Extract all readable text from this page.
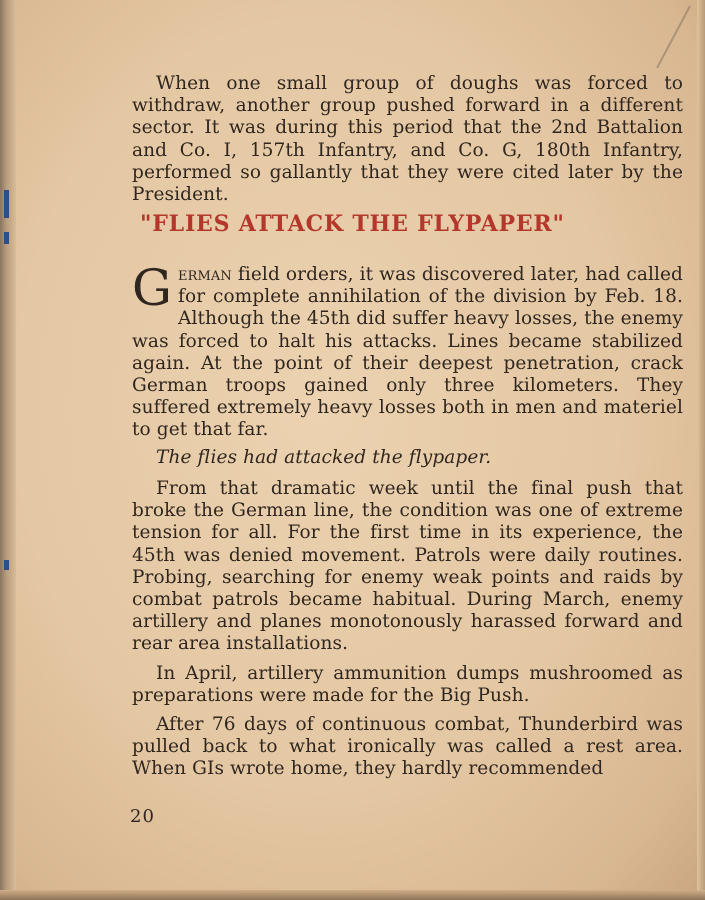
When one small group of doughs was forced to withdraw, another group pushed forward in a different sector. It was during this period that the 2nd Battalion and Co. I, 157th Infantry, and Co. G, 180th Infantry, performed so gallantly that they were cited later by the President.

"FLIES ATTACK THE FLYPAPER"

German field orders, it was discovered later, had called for complete annihilation of the division by Feb. 18. Although the 45th did suffer heavy losses, the enemy was forced to halt his attacks. Lines became stabilized again. At the point of their deepest penetration, crack German troops gained only three kilometers. They suffered extremely heavy losses both in men and materiel to get that far.

The flies had attacked the flypaper.

From that dramatic week until the final push that broke the German line, the condition was one of extreme tension for all. For the first time in its experience, the 45th was denied movement. Patrols were daily routines. Probing, searching for enemy weak points and raids by combat patrols became habitual. During March, enemy artillery and planes monotonously harassed forward and rear area installations.

In April, artillery ammunition dumps mushroomed as preparations were made for the Big Push.

After 76 days of continuous combat, Thunderbird was pulled back to what ironically was called a rest area. When GIs wrote home, they hardly recommended

20
